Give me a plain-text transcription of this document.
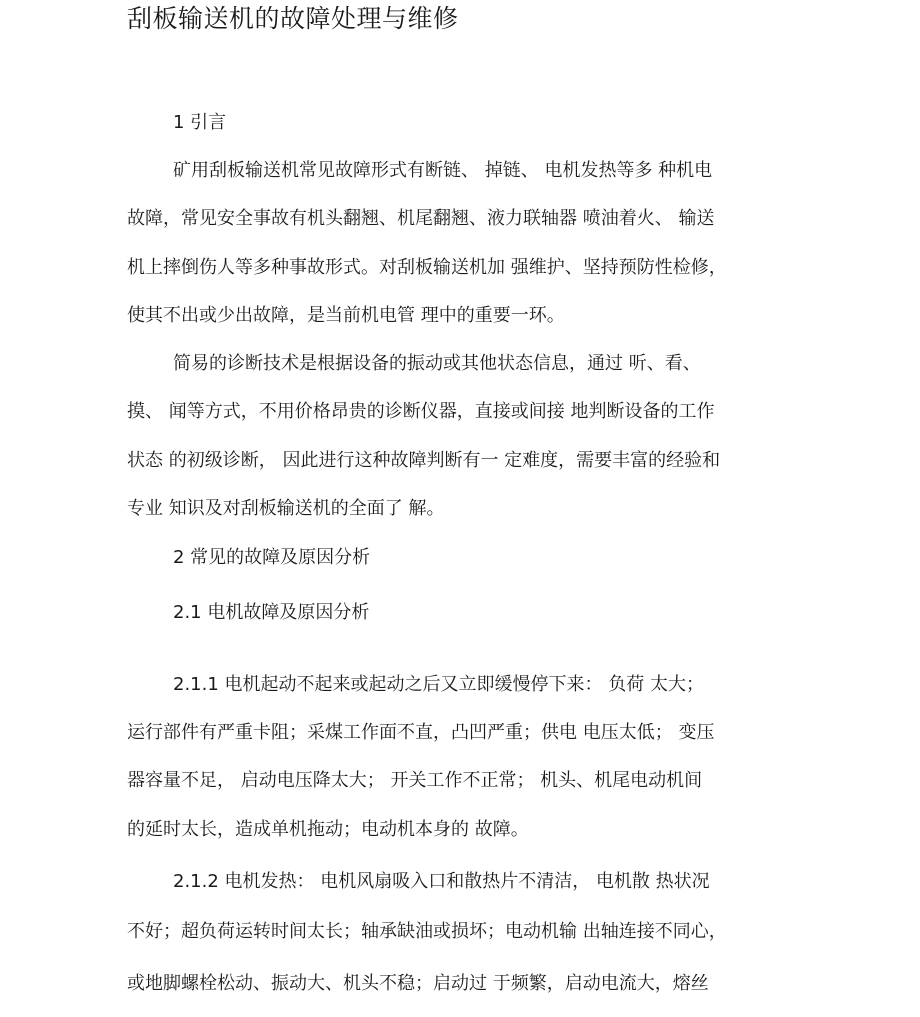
刮板输送机的故障处理与维修
1 引言
矿用刮板输送机常见故障形式有断链、 掉链、 电机发热等多 种机电
故障，常见安全事故有机头翻翘、机尾翻翘、液力联轴器 喷油着火、 输送
机上摔倒伤人等多种事故形式。对刮板输送机加 强维护、坚持预防性检修，
使其不出或少出故障，是当前机电管 理中的重要一环。
简易的诊断技术是根据设备的振动或其他状态信息，通过 听、看、
摸、 闻等方式，不用价格昂贵的诊断仪器，直接或间接 地判断设备的工作
状态 的初级诊断， 因此进行这种故障判断有一 定难度，需要丰富的经验和
专业 知识及对刮板输送机的全面了 解。
2 常见的故障及原因分析
2.1 电机故障及原因分析
2.1.1 电机起动不起来或起动之后又立即缓慢停下来： 负荷 太大；
运行部件有严重卡阻；采煤工作面不直，凸凹严重；供电 电压太低； 变压
器容量不足， 启动电压降太大； 开关工作不正常； 机头、机尾电动机间
的延时太长，造成单机拖动；电动机本身的 故障。
2.1.2 电机发热： 电机风扇吸入口和散热片不清洁， 电机散 热状况
不好；超负荷运转时间太长；轴承缺油或损坏；电动机输 出轴连接不同心，
或地脚螺栓松动、振动大、机头不稳；启动过 于频繁，启动电流大，熔丝
